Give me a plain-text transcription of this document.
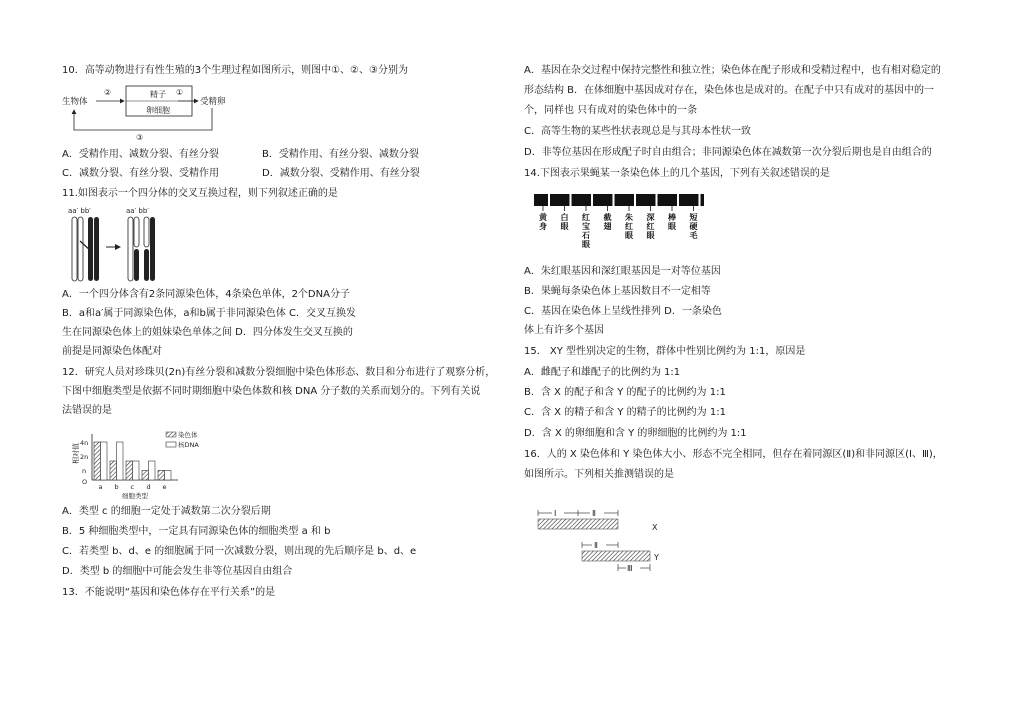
10．高等动物进行有性生殖的3个生理过程如图所示，则图中①、②、③分别为
生物体
②	精子
卵细胞
①
受精卵
③
A．受精作用、减数分裂、有丝分裂	B．受精作用、有丝分裂、减数分裂
C．减数分裂、有丝分裂、受精作用	D．减数分裂、受精作用、有丝分裂
11.如图表示一个四分体的交叉互换过程，则下列叙述正确的是
aa′ bb′	aa′ bb′
A．一个四分体含有2条同源染色体，4条染色单体，2个DNA分子
B．a和a′属于同源染色体，a和b属于非同源染色体 C．交叉互换发
生在同源染色体上的姐妹染色单体之间 D．四分体发生交叉互换的
前提是同源染色体配对
12．研究人员对珍珠贝(2n)有丝分裂和减数分裂细胞中染色体形态、数目和分布进行了观察分析，
下图中细胞类型是依据不同时期细胞中染色体数和核 DNA 分子数的关系而划分的。下列有关说
法错误的是
相对值 4n
2n
n
O
a b c d e
细胞类型
染色体
核DNA
A．类型 c 的细胞一定处于减数第二次分裂后期
B．5 种细胞类型中，一定具有同源染色体的细胞类型 a 和 b
C．若类型 b、d、e 的细胞属于同一次减数分裂，则出现的先后顺序是 b、d、e
D．类型 b 的细胞中可能会发生非等位基因自由组合
13．不能说明“基因和染色体存在平行关系”的是
A．基因在杂交过程中保持完整性和独立性；染色体在配子形成和受精过程中，也有相对稳定的
形态结构 B．在体细胞中基因成对存在，染色体也是成对的。在配子中只有成对的基因中的一
个，同样也 只有成对的染色体中的一条
C．高等生物的某些性状表现总是与其母本性状一致
D．非等位基因在形成配子时自由组合；非同源染色体在减数第一次分裂后期也是自由组合的
14.下图表示果蝇某一条染色体上的几个基因，下列有关叙述错误的是
黄身
白眼
红宝石眼
截翅
朱红眼
深红眼
棒眼
短硬毛
A．朱红眼基因和深红眼基因是一对等位基因
B．果蝇每条染色体上基因数目不一定相等
C．基因在染色体上呈线性排列 D．一条染色
体上有许多个基因
15． XY 型性别决定的生物，群体中性别比例约为 1:1，原因是
A．雌配子和雄配子的比例约为 1:1
B．含 X 的配子和含 Y 的配子的比例约为 1:1
C．含 X 的精子和含 Y 的精子的比例约为 1:1
D．含 X 的卵细胞和含 Y 的卵细胞的比例约为 1:1
16．人的 X 染色体和 Y 染色体大小、形态不完全相同，但存在着同源区(Ⅱ)和非同源区(Ⅰ、Ⅲ)，
如图所示。下列相关推测错误的是
Ⅰ	Ⅱ
X
Ⅱ
Y
Ⅲ
